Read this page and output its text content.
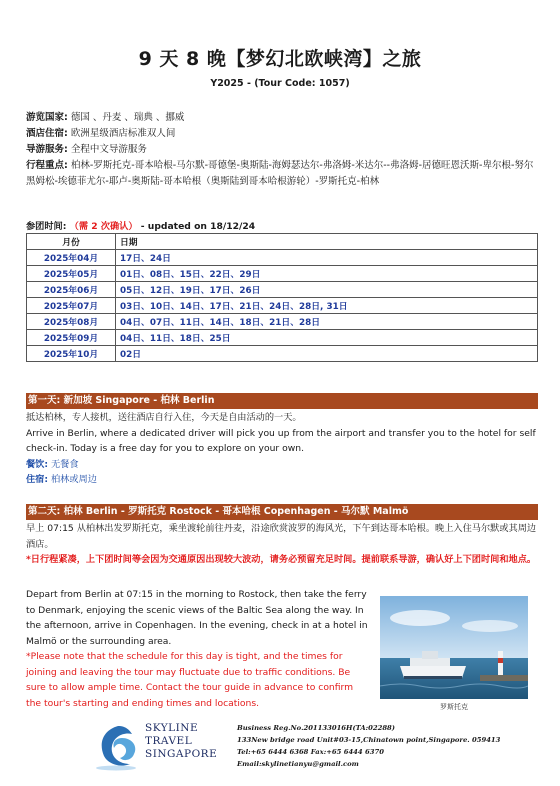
9 天 8 晚【梦幻北欧峡湾】之旅
Y2025 - (Tour Code: 1057)
游览国家: 德国 、丹麦 、瑞典 、挪威
酒店住宿: 欧洲星级酒店标准双人间
导游服务: 全程中文导游服务
行程重点: 柏林-罗斯托克-哥本哈根-马尔默-哥德堡-奥斯陆-海姆瑟达尔-弗洛姆-米达尔--弗洛姆-居德旺恩沃斯-卑尔根-努尔黑姆松-埃德菲尤尔-耶卢-奥斯陆-哥本哈根（奥斯陆到哥本哈根游轮）-罗斯托克-柏林
参团时间: （需 2 次确认） - updated on 18/12/24
月份	日期
2025年04月	17日、24日
2025年05月	01日、08日、15日、22日、29日
2025年06月	05日、12日、19日、17日、26日
2025年07月	03日、10日、14日、17日、21日、24日、28日, 31日
2025年08月	04日、07日、11日、14日、18日、21日、28日
2025年09月	04日、11日、18日、25日
2025年10月	02日
第一天: 新加坡 Singapore - 柏林 Berlin
抵达柏林，专人接机，送往酒店自行入住，今天是自由活动的一天。
Arrive in Berlin, where a dedicated driver will pick you up from the airport and transfer you to the hotel for self check-in. Today is a free day for you to explore on your own.
餐饮: 无餐食
住宿: 柏林或周边
第二天: 柏林 Berlin - 罗斯托克 Rostock - 哥本哈根 Copenhagen - 马尔默 Malmö
早上 07:15 从柏林出发罗斯托克，乘坐渡轮前往丹麦，沿途欣赏波罗的海风光，下午到达哥本哈根。晚上入住马尔默或其周边酒店。
*日行程紧凑，上下团时间等会因为交通原因出现较大波动，请务必预留充足时间。提前联系导游，确认好上下团时间和地点。
Depart from Berlin at 07:15 in the morning to Rostock, then take the ferry to Denmark, enjoying the scenic views of the Baltic Sea along the way. In the afternoon, arrive in Copenhagen. In the evening, check in at a hotel in Malmö or the surrounding area.
*Please note that the schedule for this day is tight, and the times for joining and leaving the tour may fluctuate due to traffic conditions. Be sure to allow ample time. Contact the tour guide in advance to confirm the tour's starting and ending times and locations.	罗斯托克
SKYLINE
TRAVEL
SINGAPORE
Business Reg.No.201133016H(TA:02288)
133New bridge road Unit#03-15,Chinatown point,Singapore. 059413
Tel:+65 6444 6368 Fax:+65 6444 6370
Email:skylinetianyu@gmail.com
